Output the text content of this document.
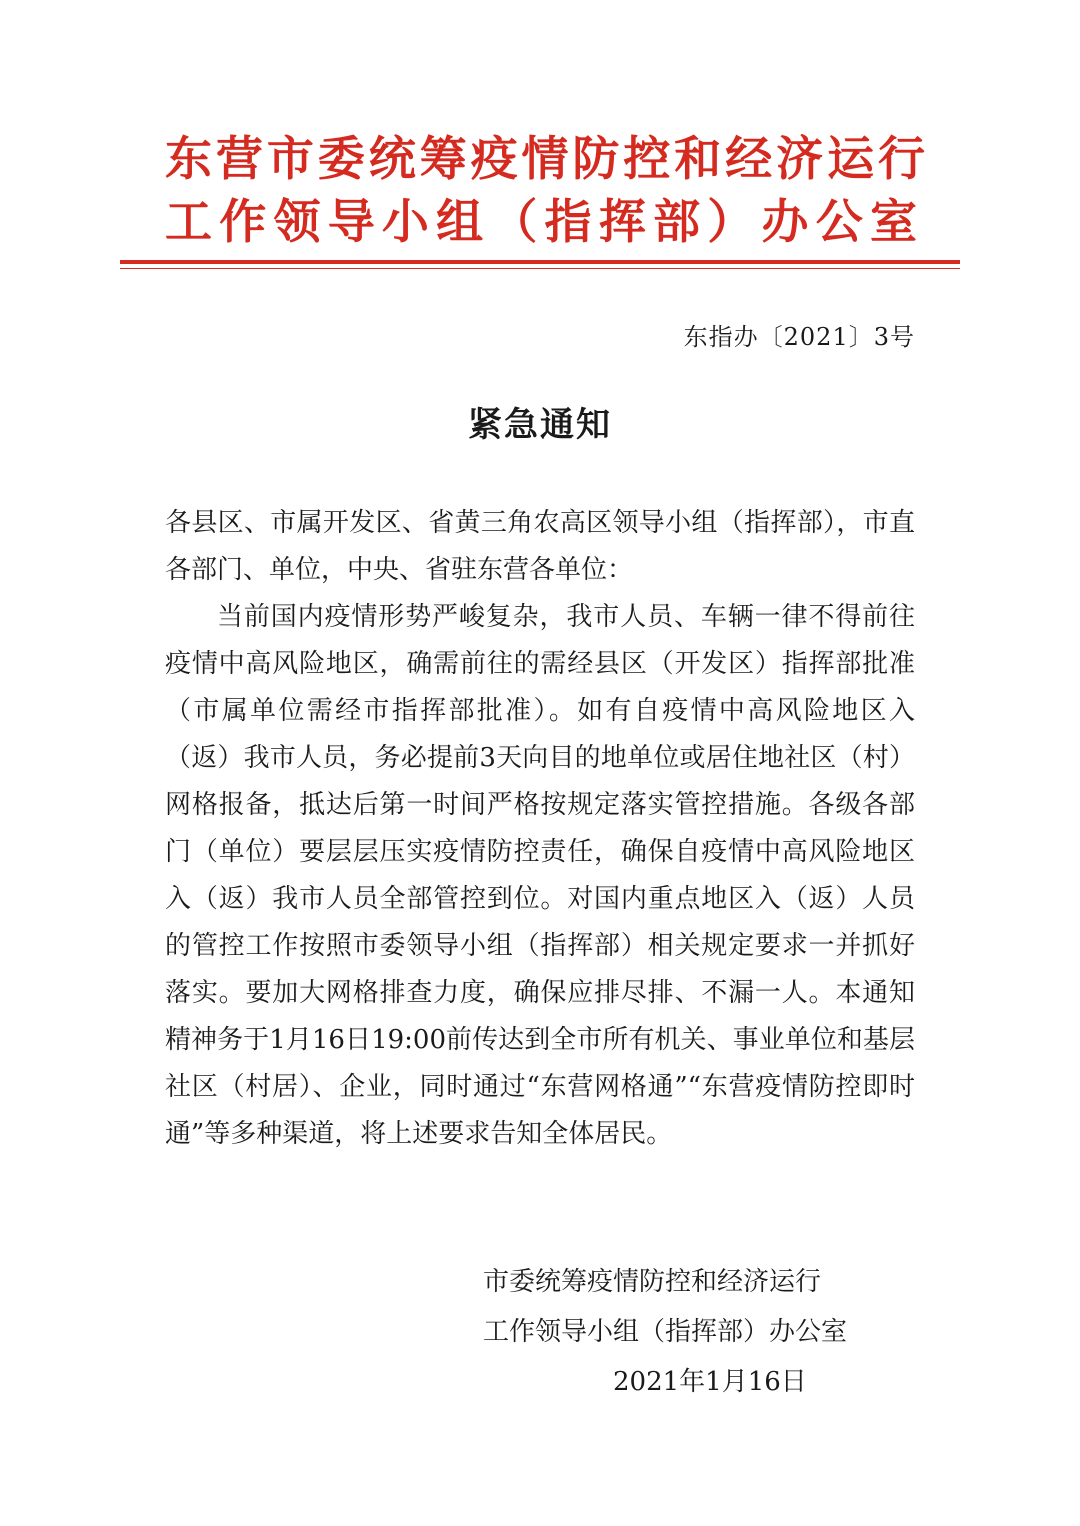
东营市委统筹疫情防控和经济运行
工作领导小组（指挥部）办公室
东指办〔2021〕3号
紧急通知

各县区、市属开发区、省黄三角农高区领导小组（指挥部），市直各部门、单位，中央、省驻东营各单位：

当前国内疫情形势严峻复杂，我市人员、车辆一律不得前往疫情中高风险地区，确需前往的需经县区（开发区）指挥部批准（市属单位需经市指挥部批准）。如有自疫情中高风险地区入（返）我市人员，务必提前3天向目的地单位或居住地社区（村）网格报备，抵达后第一时间严格按规定落实管控措施。各级各部门（单位）要层层压实疫情防控责任，确保自疫情中高风险地区入（返）我市人员全部管控到位。对国内重点地区入（返）人员的管控工作按照市委领导小组（指挥部）相关规定要求一并抓好落实。要加大网格排查力度，确保应排尽排、不漏一人。本通知精神务于1月16日19:00前传达到全市所有机关、事业单位和基层社区（村居）、企业，同时通过“东营网格通”“东营疫情防控即时通”等多种渠道，将上述要求告知全体居民。

市委统筹疫情防控和经济运行
工作领导小组（指挥部）办公室
2021年1月16日
